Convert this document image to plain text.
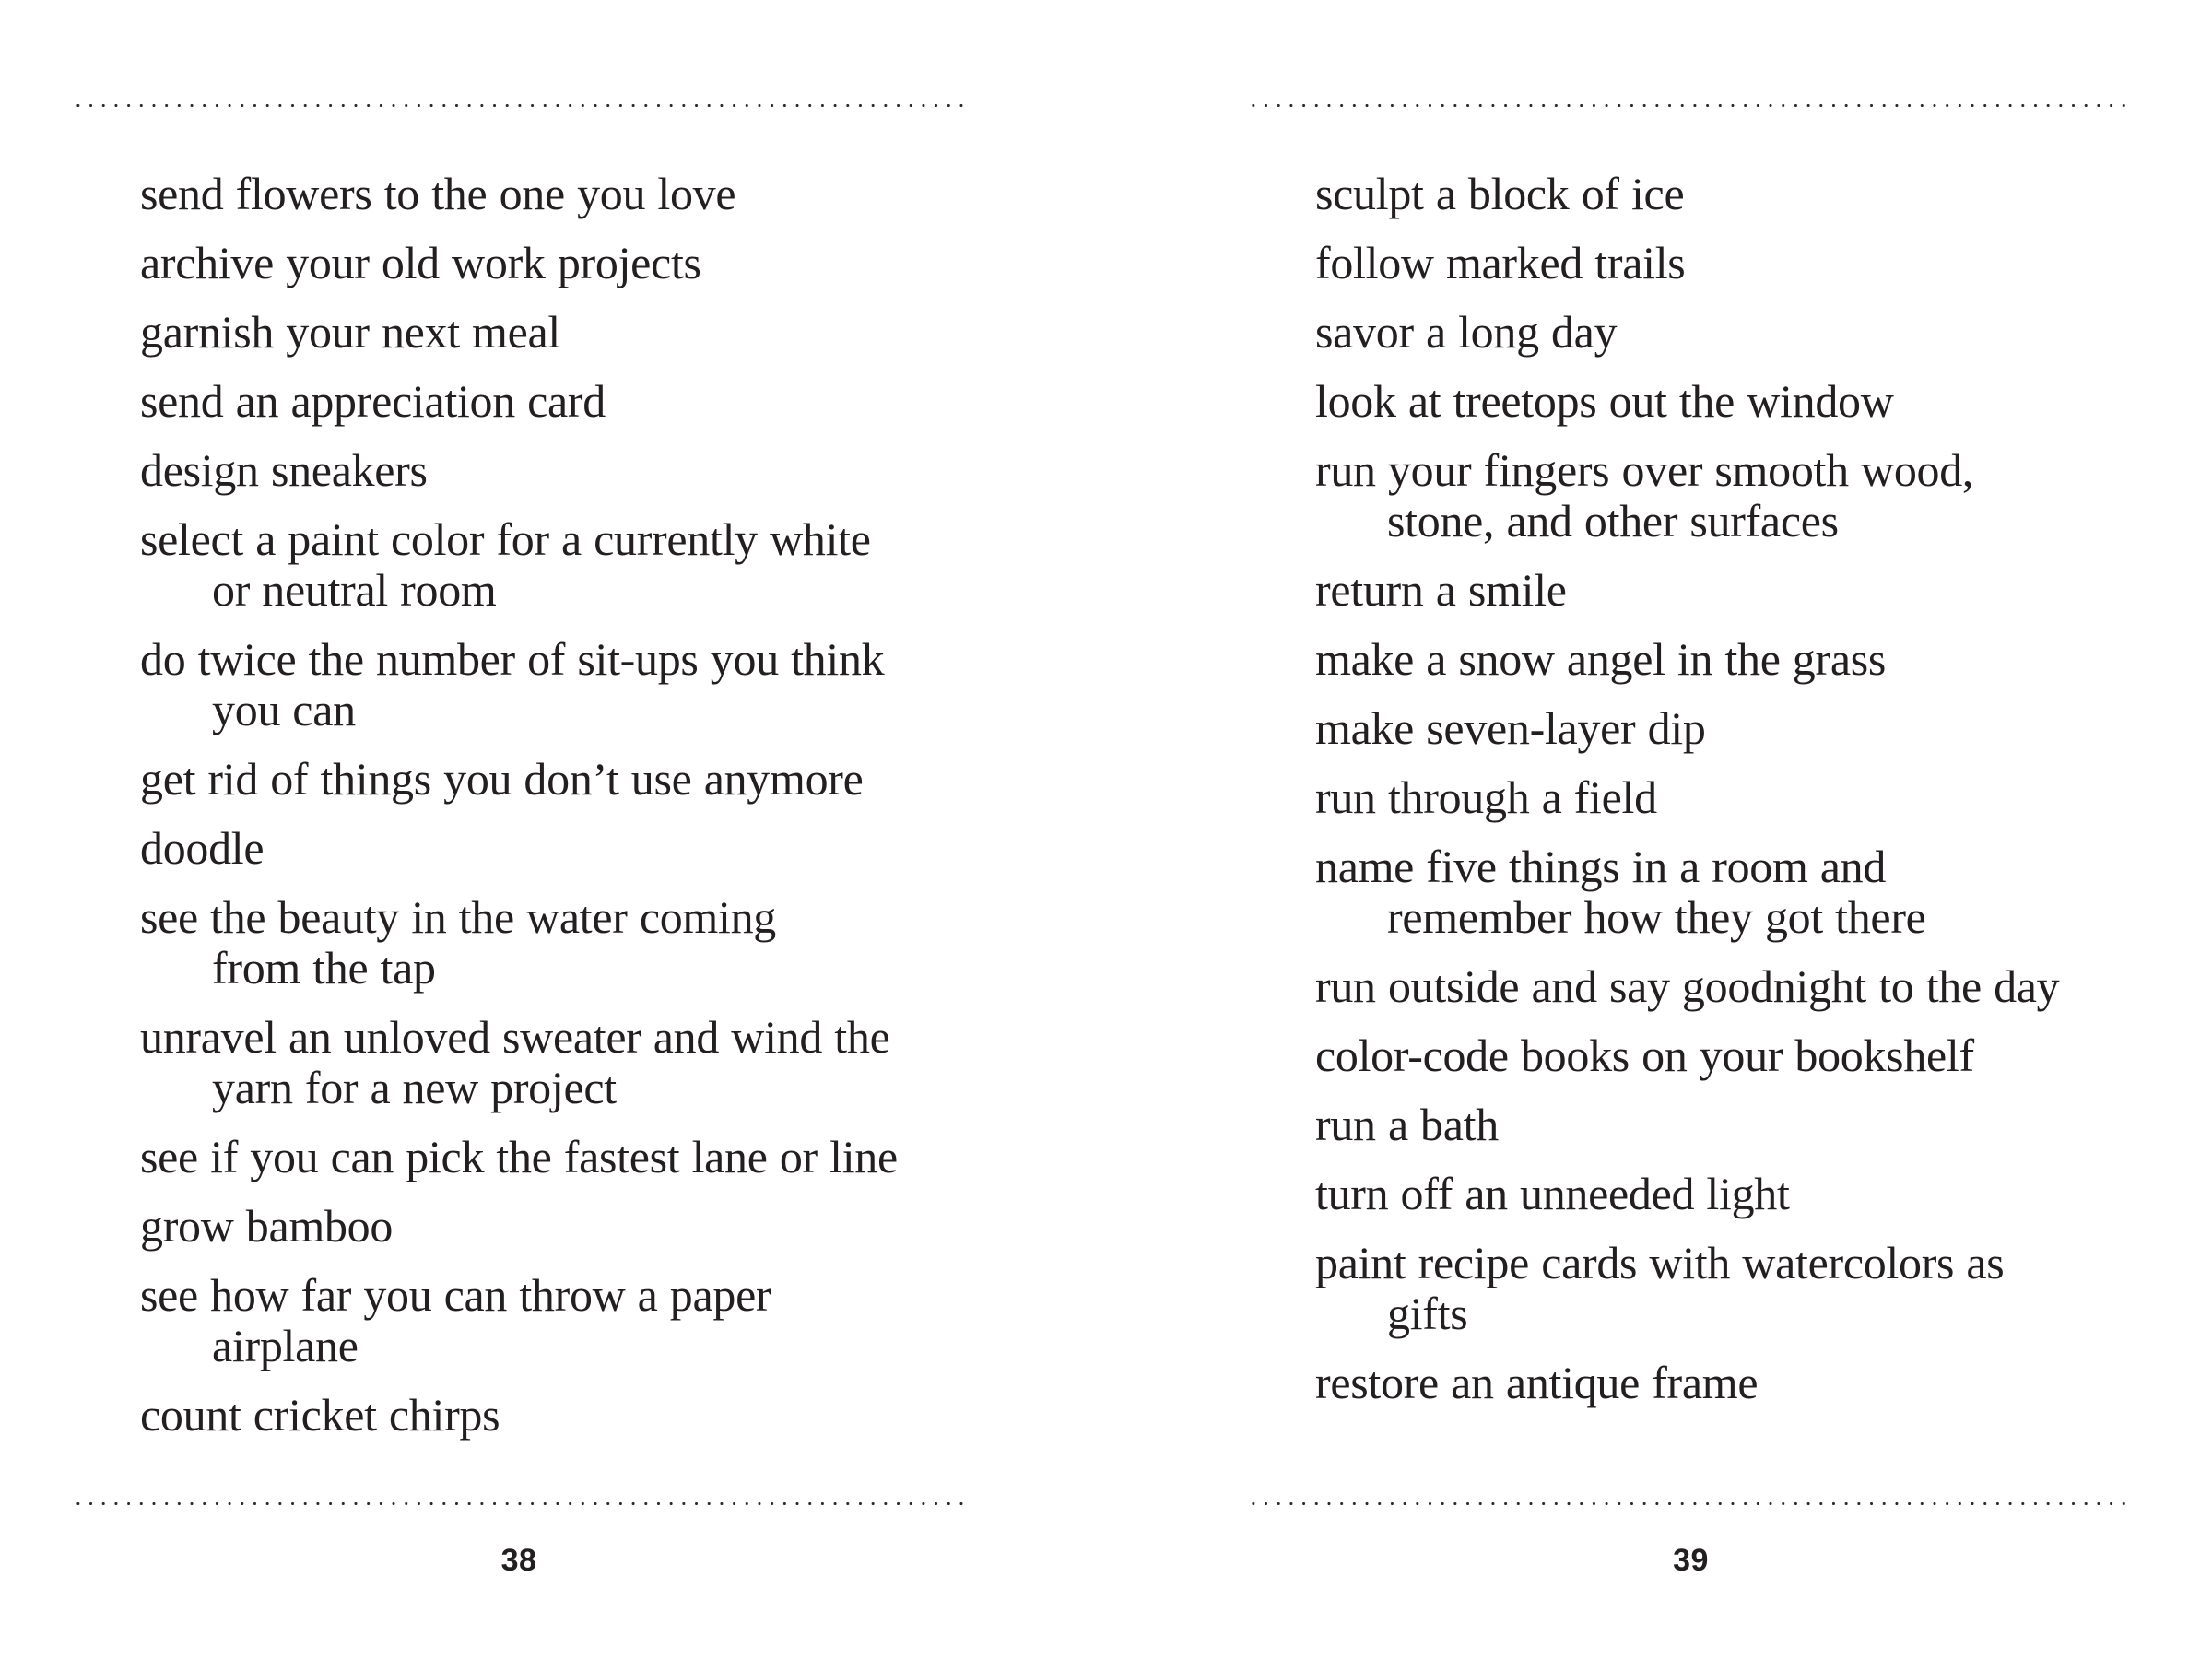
send flowers to the one you love
archive your old work projects
garnish your next meal
send an appreciation card
design sneakers
select a paint color for a currently white
or neutral room
do twice the number of sit-ups you think
you can
get rid of things you don’t use anymore
doodle
see the beauty in the water coming
from the tap
unravel an unloved sweater and wind the
yarn for a new project
see if you can pick the fastest lane or line
grow bamboo
see how far you can throw a paper
airplane
count cricket chirps
38
sculpt a block of ice
follow marked trails
savor a long day
look at treetops out the window
run your fingers over smooth wood,
stone, and other surfaces
return a smile
make a snow angel in the grass
make seven-layer dip
run through a field
name five things in a room and
remember how they got there
run outside and say goodnight to the day
color-code books on your bookshelf
run a bath
turn off an unneeded light
paint recipe cards with watercolors as
gifts
restore an antique frame
39
